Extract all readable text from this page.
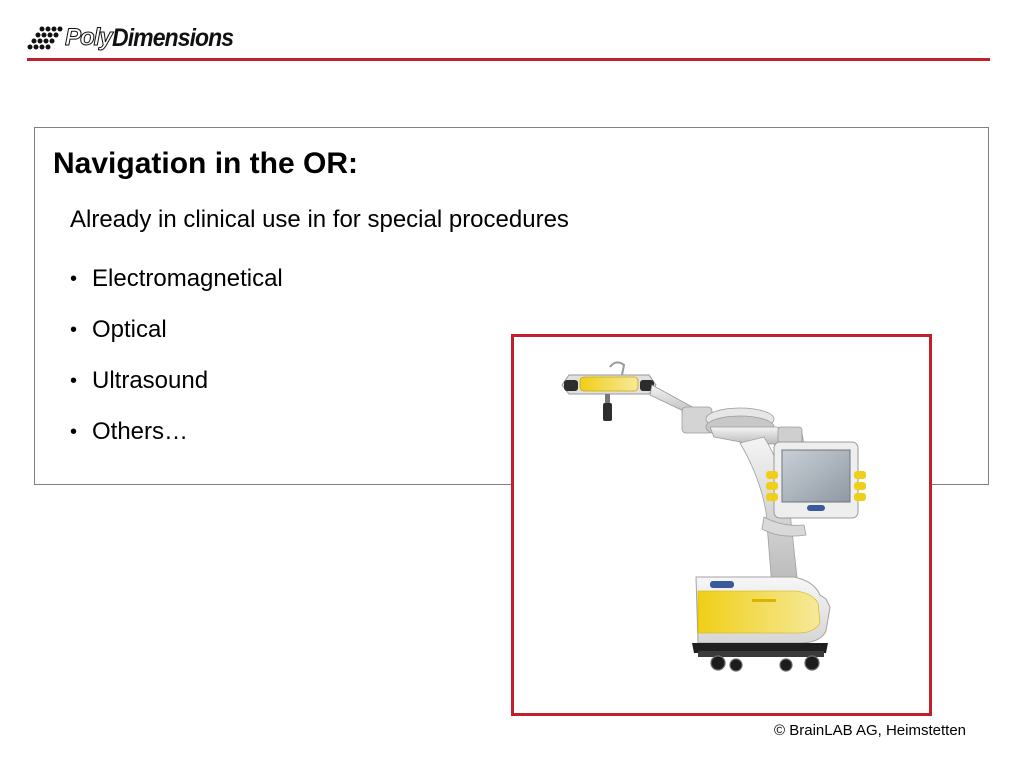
Poly Dimensions
Navigation in the OR:

Already in clinical use in for special procedures

• Electromagnetical
• Optical
• Ultrasound
• Others…
© BrainLAB AG, Heimstetten
